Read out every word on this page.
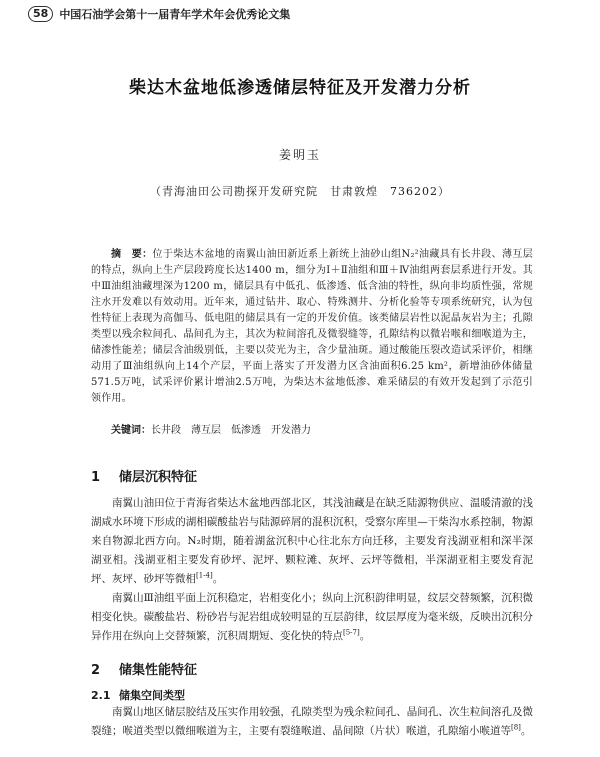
58	中国石油学会第十一届青年学术年会优秀论文集
柴达木盆地低渗透储层特征及开发潜力分析
姜明玉
（青海油田公司勘探开发研究院　甘肃敦煌　736202）
摘　要：位于柴达木盆地的南翼山油田新近系上新统上油砂山组N₂²油藏具有长井段、薄互层的特点，纵向上生产层段跨度长达1400 m，细分为Ⅰ＋Ⅱ油组和Ⅲ＋Ⅳ油组两套层系进行开发。其中Ⅲ油组油藏埋深为1200 m，储层具有中低孔、低渗透、低含油的特性，纵向非均质性强，常规注水开发难以有效动用。近年来，通过钻井、取心、特殊测井、分析化验等专项系统研究，认为包性特征上表现为高伽马、低电阻的储层具有一定的开发价值。该类储层岩性以泥晶灰岩为主；孔隙类型以残余粒间孔、晶间孔为主，其次为粒间溶孔及微裂缝等，孔隙结构以微岩喉和细喉道为主，储渗性能差；储层含油级别低，主要以荧光为主，含少量油斑。通过酸能压裂改造试采评价，相继动用了Ⅲ油组纵向上14个产层，平面上落实了开发潜力区含油面积6.25 km²，新增油砂体储量571.5万吨，试采评价累计增油2.5万吨，为柴达木盆地低渗、难采储层的有效开发起到了示范引领作用。
关键词：长井段　薄互层　低渗透　开发潜力
1 储层沉积特征
南翼山油田位于青海省柴达木盆地西部北区，其浅油藏是在缺乏陆源物供应、温暖清澈的浅湖咸水环境下形成的湖相碳酸盐岩与陆源碎屑的混积沉积，受察尔库里—干柴沟水系控制，物源来自物源北西方向。N₂时期，随着湖盆沉积中心往北东方向迁移，主要发育浅湖亚相和深半深湖亚相。浅湖亚相主要发育砂坪、泥坪、颗粒滩、灰坪、云坪等微相，半深湖亚相主要发育泥坪、灰坪、砂坪等微相[1-4]。
南翼山Ⅲ油组平面上沉积稳定，岩相变化小；纵向上沉积韵律明显，纹层交替频繁，沉积微相变化快。碳酸盐岩、粉砂岩与泥岩组成较明显的互层韵律，纹层厚度为毫米级，反映出沉积分异作用在纵向上交替频繁，沉积周期短、变化快的特点[5-7]。
2 储集性能特征
2.1 储集空间类型
南翼山地区储层胶结及压实作用较强，孔隙类型为残余粒间孔、晶间孔、次生粒间溶孔及微裂缝；喉道类型以微细喉道为主，主要有裂缝喉道、晶间隙（片状）喉道，孔隙缩小喉道等[8]。
